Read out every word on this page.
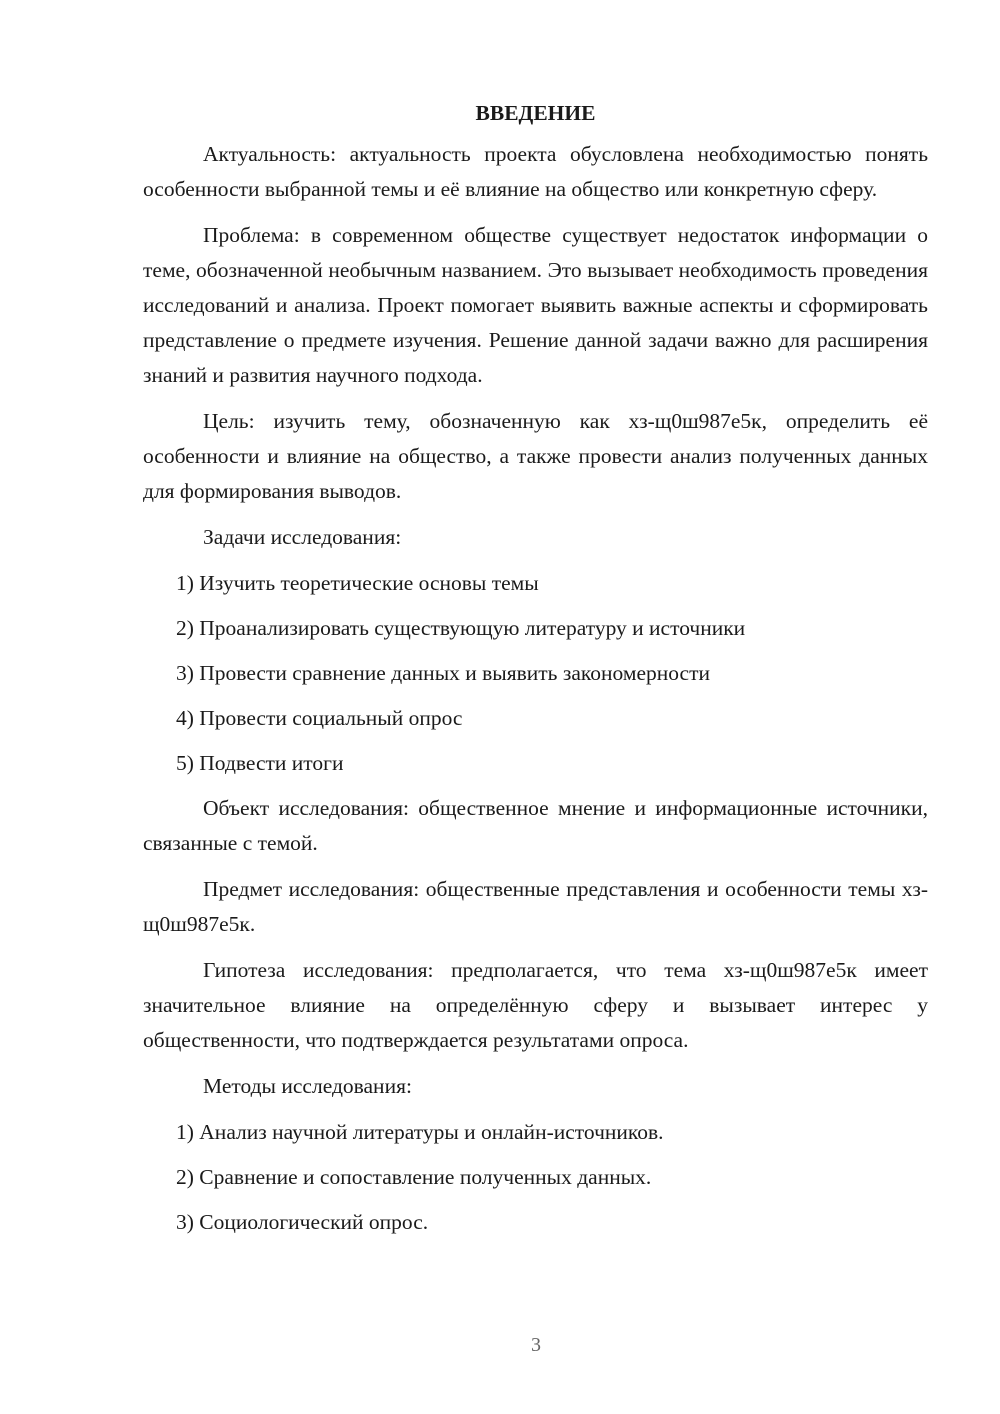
ВВЕДЕНИЕ

Актуальность: актуальность проекта обусловлена необходимостью понять особенности выбранной темы и её влияние на общество или конкретную сферу.

Проблема: в современном обществе существует недостаток информации о теме, обозначенной необычным названием. Это вызывает необходимость проведения исследований и анализа. Проект помогает выявить важные аспекты и сформировать представление о предмете изучения. Решение данной задачи важно для расширения знаний и развития научного подхода.

Цель: изучить тему, обозначенную как хз-щ0ш987е5к, определить её особенности и влияние на общество, а также провести анализ полученных данных для формирования выводов.

Задачи исследования:

1) Изучить теоретические основы темы
2) Проанализировать существующую литературу и источники
3) Провести сравнение данных и выявить закономерности
4) Провести социальный опрос
5) Подвести итоги

Объект исследования: общественное мнение и информационные источники, связанные с темой.

Предмет исследования: общественные представления и особенности темы хз-щ0ш987е5к.

Гипотеза исследования: предполагается, что тема хз-щ0ш987е5к имеет значительное влияние на определённую сферу и вызывает интерес у общественности, что подтверждается результатами опроса.

Методы исследования:

1) Анализ научной литературы и онлайн-источников.
2) Сравнение и сопоставление полученных данных.
3) Социологический опрос.
3
